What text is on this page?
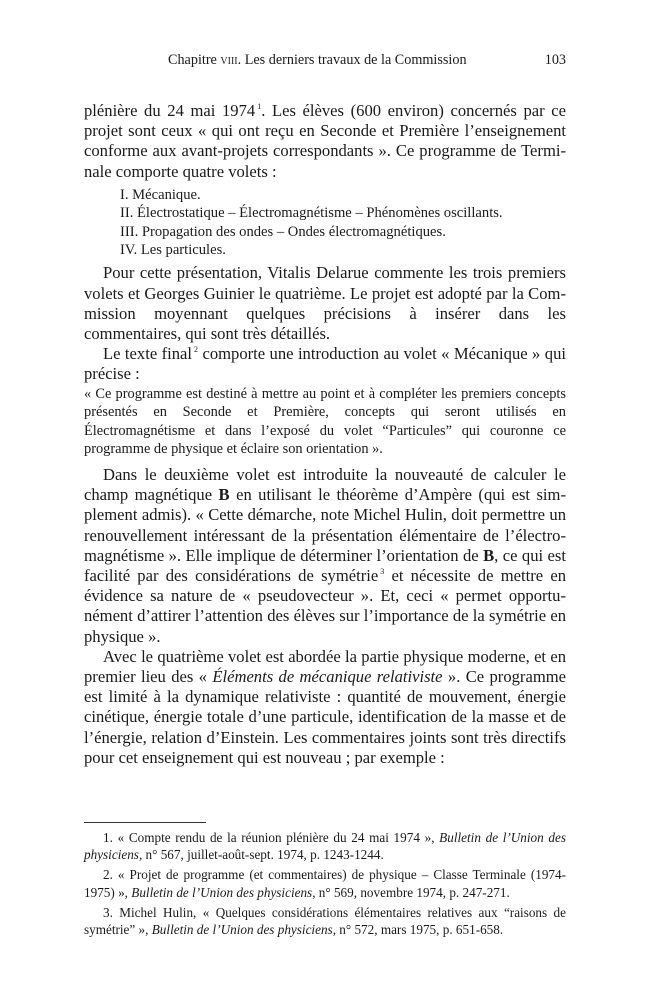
Chapitre viii. Les derniers travaux de la Commission	103

plénière du 24 mai 1974 $^1$. Les élèves (600 environ) concernés par ce projet sont ceux « qui ont reçu en Seconde et Première l’enseignement conforme aux avant-projets correspondants ». Ce programme de Terminale comporte quatre volets :

I. Mécanique.
II. Électrostatique – Électromagnétisme – Phénomènes oscillants.
III. Propagation des ondes – Ondes électromagnétiques.
IV. Les particules.

Pour cette présentation, Vitalis Delarue commente les trois premiers volets et Georges Guinier le quatrième. Le projet est adopté par la Commission moyennant quelques précisions à insérer dans les commentaires, qui sont très détaillés.

Le texte final $^2$ comporte une introduction au volet « Mécanique » qui précise :

« Ce programme est destiné à mettre au point et à compléter les premiers concepts présentés en Seconde et Première, concepts qui seront utilisés en Électromagnétisme et dans l’exposé du volet “Particules” qui couronne ce programme de physique et éclaire son orientation ».

Dans le deuxième volet est introduite la nouveauté de calculer le champ magnétique B en utilisant le théorème d’Ampère (qui est simplement admis). « Cette démarche, note Michel Hulin, doit permettre un renouvellement intéressant de la présentation élémentaire de l’électromagnétisme ». Elle implique de déterminer l’orientation de B, ce qui est facilité par des considérations de symétrie $^3$ et nécessite de mettre en évidence sa nature de « pseudovecteur ». Et, ceci « permet opportunément d’attirer l’attention des élèves sur l’importance de la symétrie en physique ».

Avec le quatrième volet est abordée la partie physique moderne, et en premier lieu des « Éléments de mécanique relativiste ». Ce programme est limité à la dynamique relativiste : quantité de mouvement, énergie cinétique, énergie totale d’une particule, identification de la masse et de l’énergie, relation d’Einstein. Les commentaires joints sont très directifs pour cet enseignement qui est nouveau ; par exemple :

1. « Compte rendu de la réunion plénière du 24 mai 1974 », Bulletin de l’Union des physiciens, n° 567, juillet-août-sept. 1974, p. 1243-1244.

2. « Projet de programme (et commentaires) de physique – Classe Terminale (1974-1975) », Bulletin de l’Union des physiciens, n° 569, novembre 1974, p. 247-271.

3. Michel Hulin, « Quelques considérations élémentaires relatives aux “raisons de symétrie” », Bulletin de l’Union des physiciens, n° 572, mars 1975, p. 651-658.
